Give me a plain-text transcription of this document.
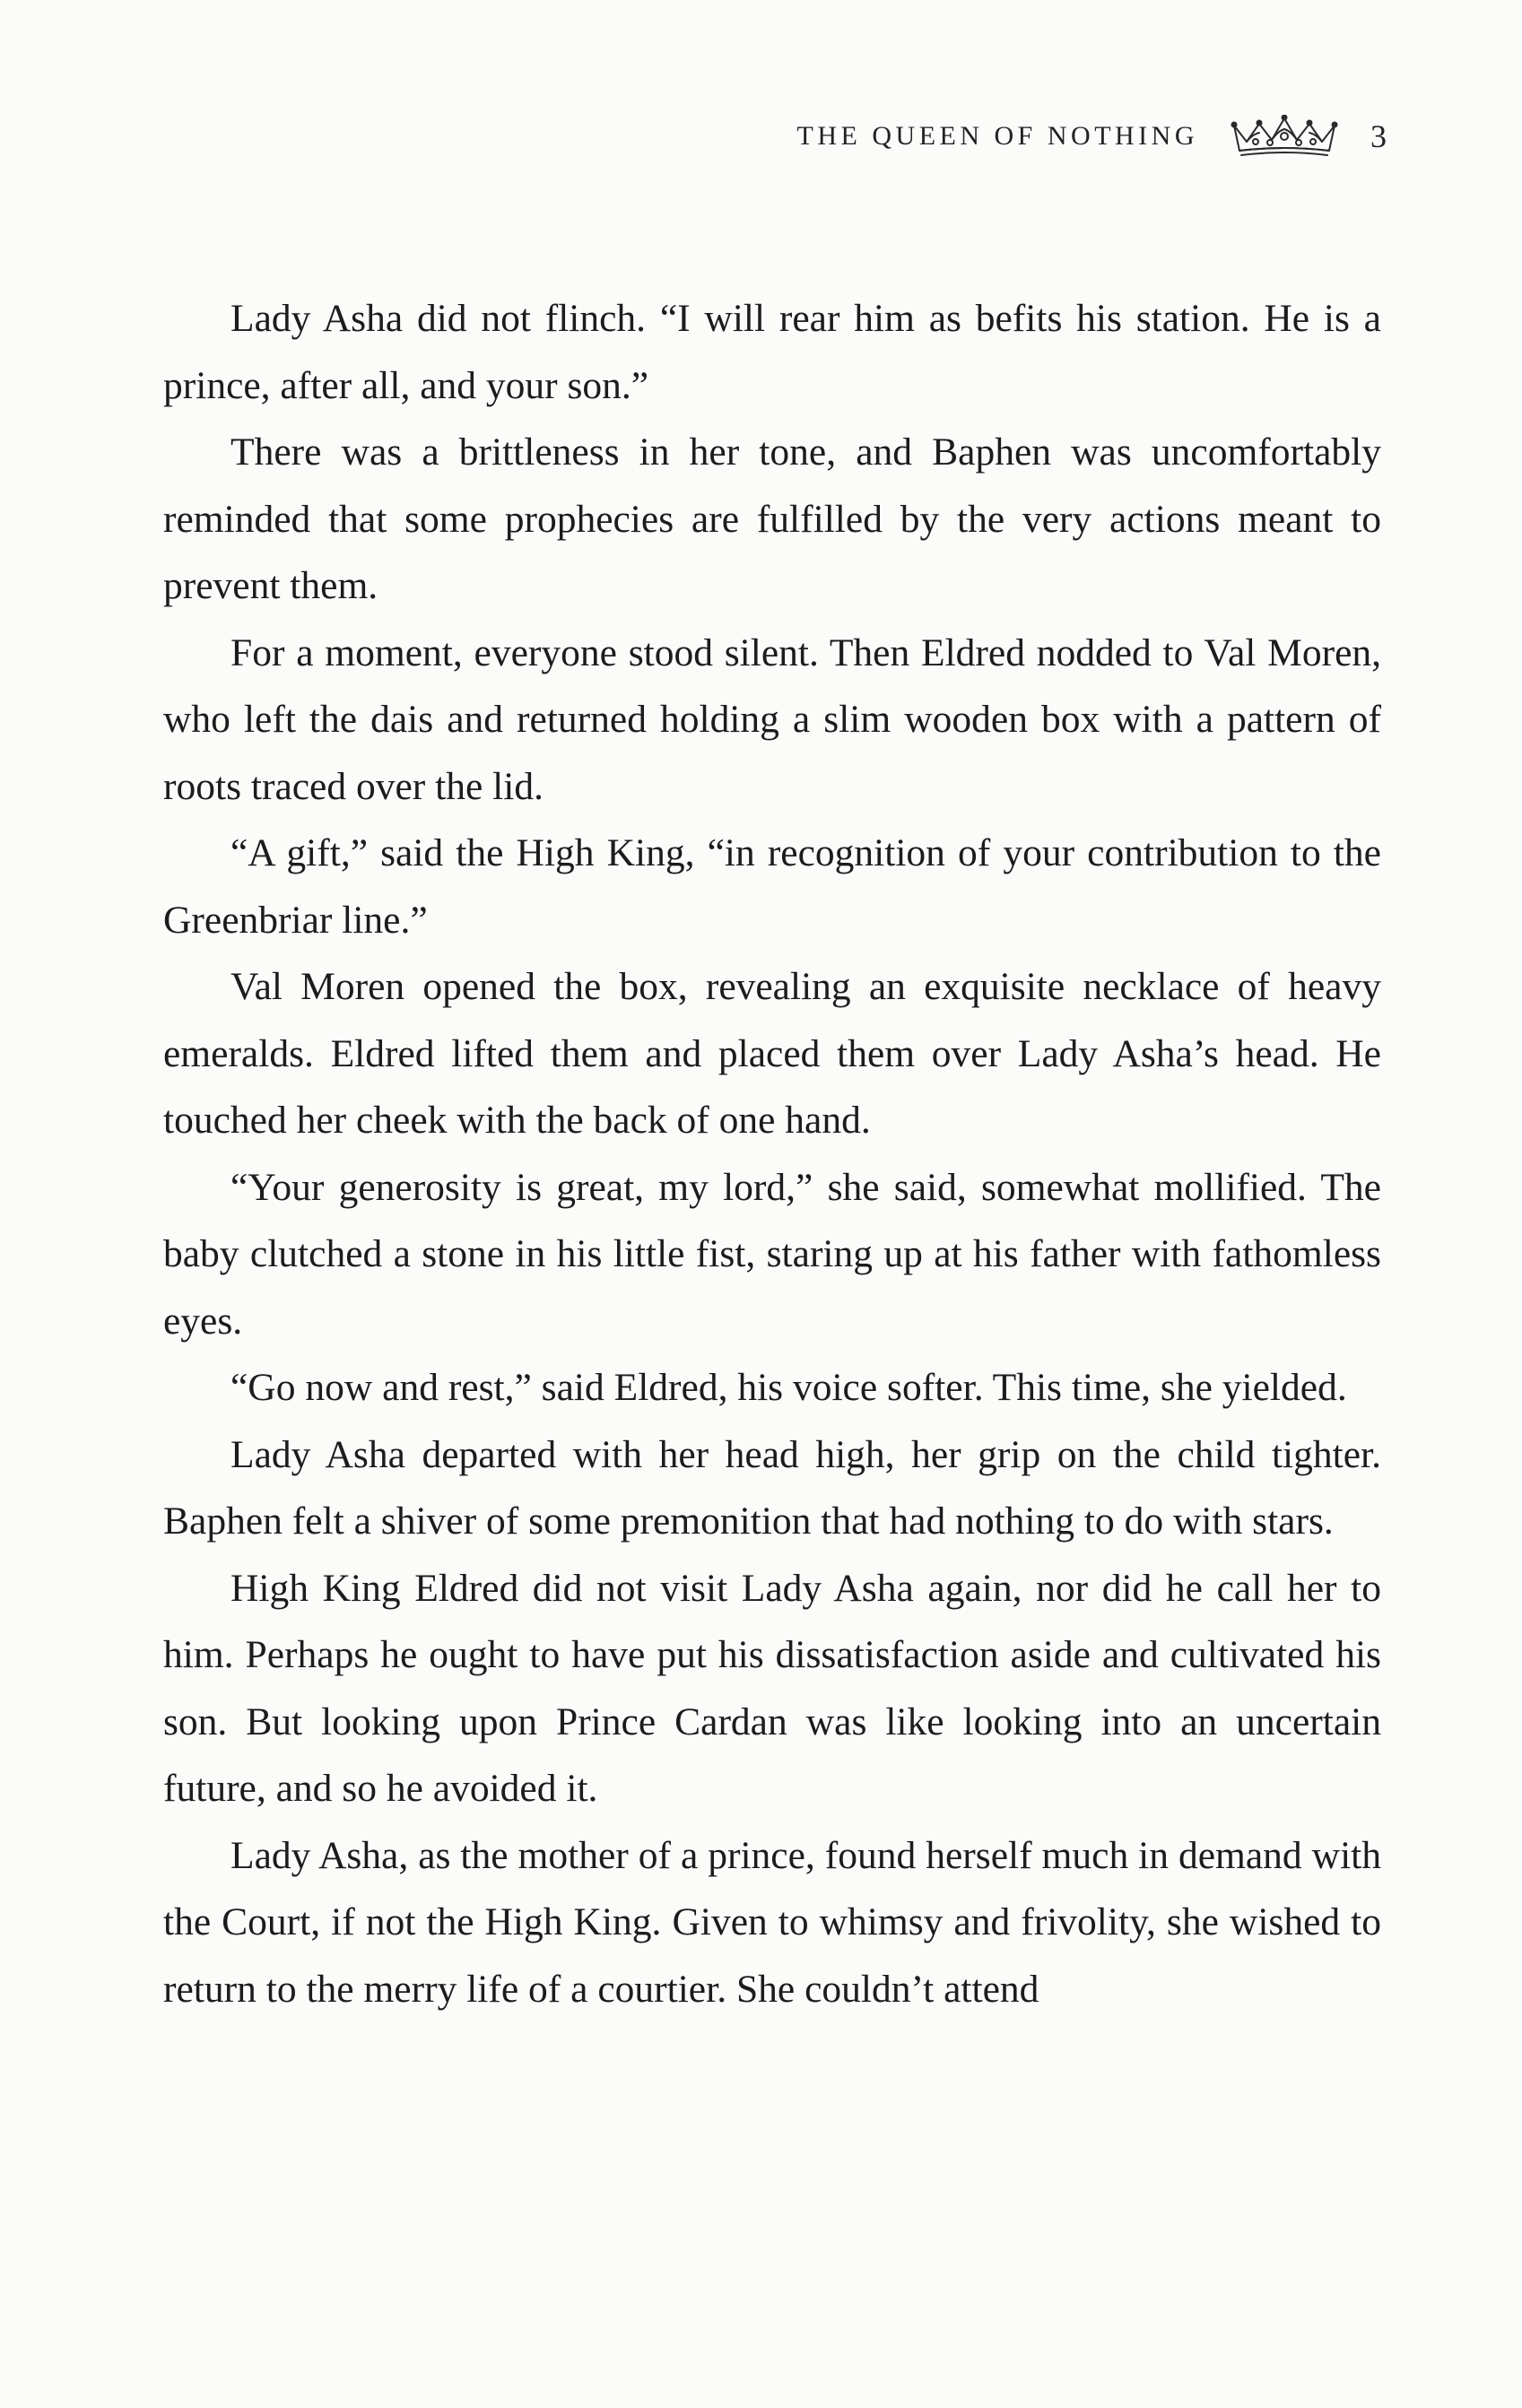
THE QUEEN OF NOTHING	3

Lady Asha did not flinch. “I will rear him as befits his station. He is a prince, after all, and your son.”

There was a brittleness in her tone, and Baphen was uncomfortably reminded that some prophecies are fulfilled by the very actions meant to prevent them.

For a moment, everyone stood silent. Then Eldred nodded to Val Moren, who left the dais and returned holding a slim wooden box with a pattern of roots traced over the lid.

“A gift,” said the High King, “in recognition of your contribution to the Greenbriar line.”

Val Moren opened the box, revealing an exquisite necklace of heavy emeralds. Eldred lifted them and placed them over Lady Asha’s head. He touched her cheek with the back of one hand.

“Your generosity is great, my lord,” she said, somewhat mollified. The baby clutched a stone in his little fist, staring up at his father with fathomless eyes.

“Go now and rest,” said Eldred, his voice softer. This time, she yielded.

Lady Asha departed with her head high, her grip on the child tighter. Baphen felt a shiver of some premonition that had nothing to do with stars.

High King Eldred did not visit Lady Asha again, nor did he call her to him. Perhaps he ought to have put his dissatisfaction aside and cultivated his son. But looking upon Prince Cardan was like looking into an uncertain future, and so he avoided it.

Lady Asha, as the mother of a prince, found herself much in demand with the Court, if not the High King. Given to whimsy and frivolity, she wished to return to the merry life of a courtier. She couldn’t attend
